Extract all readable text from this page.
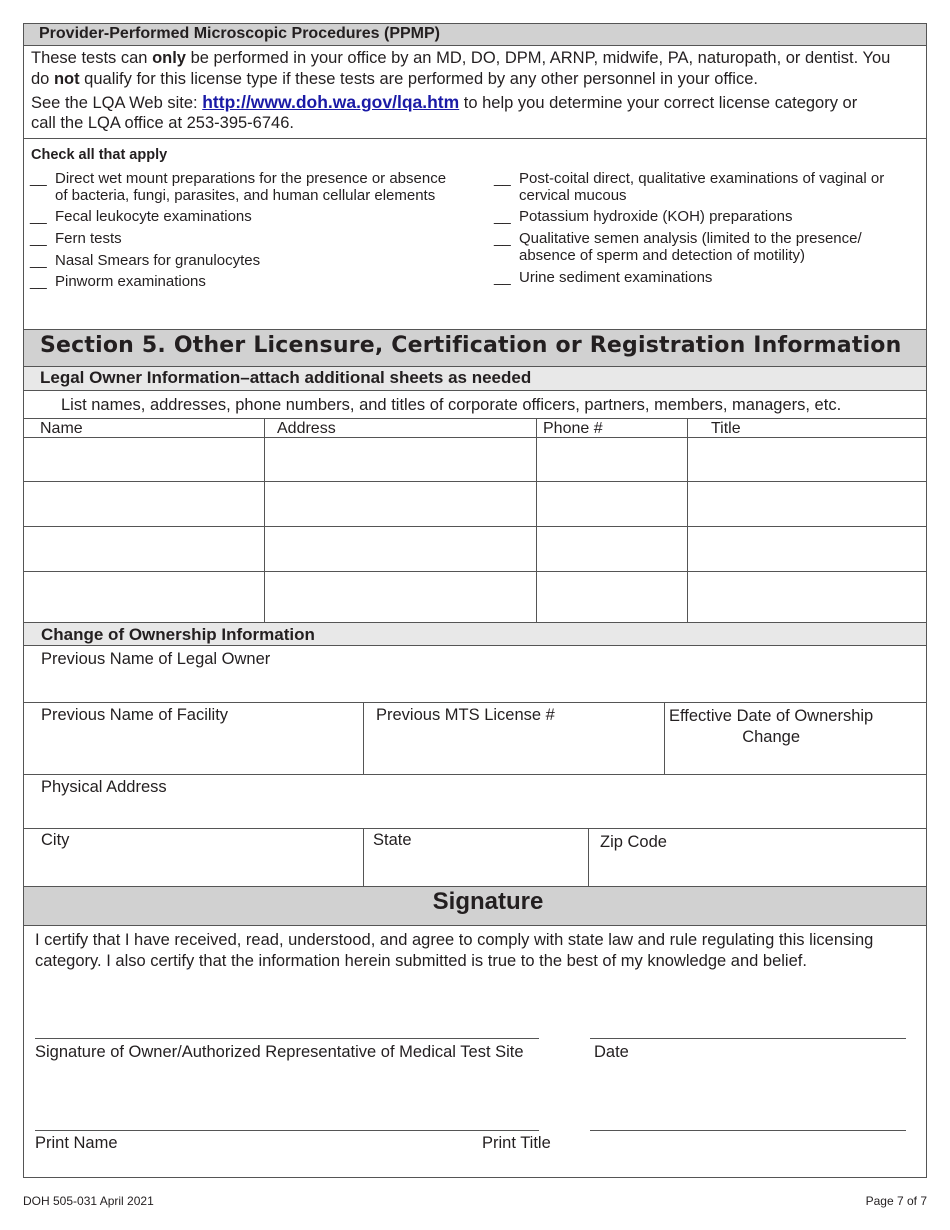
Provider-Performed Microscopic Procedures (PPMP)
These tests can only be performed in your office by an MD, DO, DPM, ARNP, midwife, PA, naturopath, or dentist. You
do not qualify for this license type if these tests are performed by any other personnel in your office.
See the LQA Web site: http://www.doh.wa.gov/lqa.htm to help you determine your correct license category or
call the LQA office at 253-395-6746.
Check all that apply
__ Direct wet mount preparations for the presence or absence
of bacteria, fungi, parasites, and human cellular elements
__ Fecal leukocyte examinations
__ Fern tests
__ Nasal Smears for granulocytes
__ Pinworm examinations
__ Post-coital direct, qualitative examinations of vaginal or
cervical mucous
__ Potassium hydroxide (KOH) preparations
__ Qualitative semen analysis (limited to the presence/
absence of sperm and detection of motility)
__ Urine sediment examinations
Section 5. Other Licensure, Certification or Registration Information
Legal Owner Information–attach additional sheets as needed
List names, addresses, phone numbers, and titles of corporate officers, partners, members, managers, etc.
Name	Address	Phone #	Title
Change of Ownership Information
Previous Name of Legal Owner
Previous Name of Facility	Previous MTS License #	Effective Date of Ownership
Change
Physical Address
City	State	Zip Code
Signature
I certify that I have received, read, understood, and agree to comply with state law and rule regulating this licensing
category. I also certify that the information herein submitted is true to the best of my knowledge and belief.
Signature of Owner/Authorized Representative of Medical Test Site	Date
Print Name	Print Title
DOH 505-031 April 2021	Page 7 of 7
